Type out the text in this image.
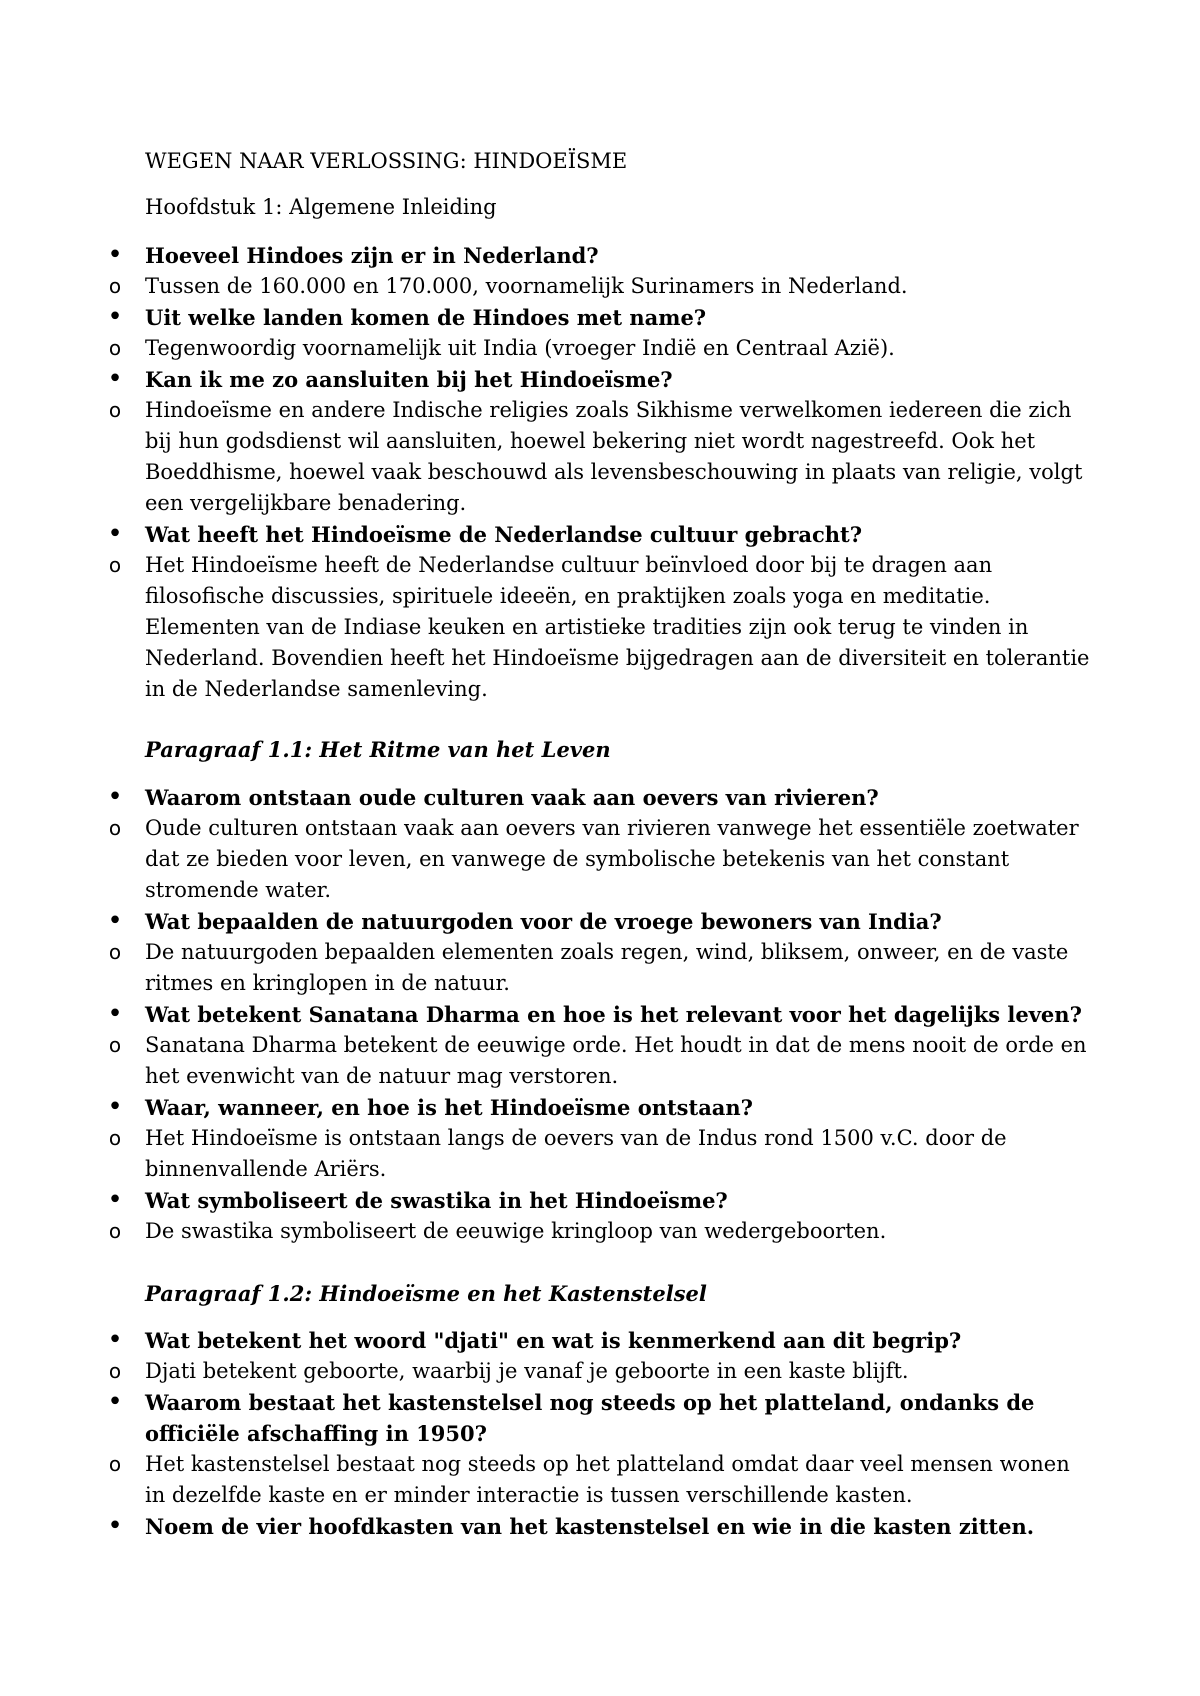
WEGEN NAAR VERLOSSING: HINDOEÏSME
Hoofdstuk 1: Algemene Inleiding
•
Hoeveel Hindoes zijn er in Nederland?
o
Tussen de 160.000 en 170.000, voornamelijk Surinamers in Nederland.
•
Uit welke landen komen de Hindoes met name?
o
Tegenwoordig voornamelijk uit India (vroeger Indië en Centraal Azië).
•
Kan ik me zo aansluiten bij het Hindoeïsme?
o
Hindoeïsme en andere Indische religies zoals Sikhisme verwelkomen iedereen die zich
bij hun godsdienst wil aansluiten, hoewel bekering niet wordt nagestreefd. Ook het
Boeddhisme, hoewel vaak beschouwd als levensbeschouwing in plaats van religie, volgt
een vergelijkbare benadering.
•
Wat heeft het Hindoeïsme de Nederlandse cultuur gebracht?
o
Het Hindoeïsme heeft de Nederlandse cultuur beïnvloed door bij te dragen aan
filosofische discussies, spirituele ideeën, en praktijken zoals yoga en meditatie.
Elementen van de Indiase keuken en artistieke tradities zijn ook terug te vinden in
Nederland. Bovendien heeft het Hindoeïsme bijgedragen aan de diversiteit en tolerantie
in de Nederlandse samenleving.
Paragraaf 1.1: Het Ritme van het Leven
•
Waarom ontstaan oude culturen vaak aan oevers van rivieren?
o
Oude culturen ontstaan vaak aan oevers van rivieren vanwege het essentiële zoetwater
dat ze bieden voor leven, en vanwege de symbolische betekenis van het constant
stromende water.
•
Wat bepaalden de natuurgoden voor de vroege bewoners van India?
o
De natuurgoden bepaalden elementen zoals regen, wind, bliksem, onweer, en de vaste
ritmes en kringlopen in de natuur.
•
Wat betekent Sanatana Dharma en hoe is het relevant voor het dagelijks leven?
o
Sanatana Dharma betekent de eeuwige orde. Het houdt in dat de mens nooit de orde en
het evenwicht van de natuur mag verstoren.
•
Waar, wanneer, en hoe is het Hindoeïsme ontstaan?
o
Het Hindoeïsme is ontstaan langs de oevers van de Indus rond 1500 v.C. door de
binnenvallende Ariërs.
•
Wat symboliseert de swastika in het Hindoeïsme?
o
De swastika symboliseert de eeuwige kringloop van wedergeboorten.
Paragraaf 1.2: Hindoeïsme en het Kastenstelsel
•
Wat betekent het woord "djati" en wat is kenmerkend aan dit begrip?
o
Djati betekent geboorte, waarbij je vanaf je geboorte in een kaste blijft.
•
Waarom bestaat het kastenstelsel nog steeds op het platteland, ondanks de
officiële afschaffing in 1950?
o
Het kastenstelsel bestaat nog steeds op het platteland omdat daar veel mensen wonen
in dezelfde kaste en er minder interactie is tussen verschillende kasten.
•
Noem de vier hoofdkasten van het kastenstelsel en wie in die kasten zitten.
